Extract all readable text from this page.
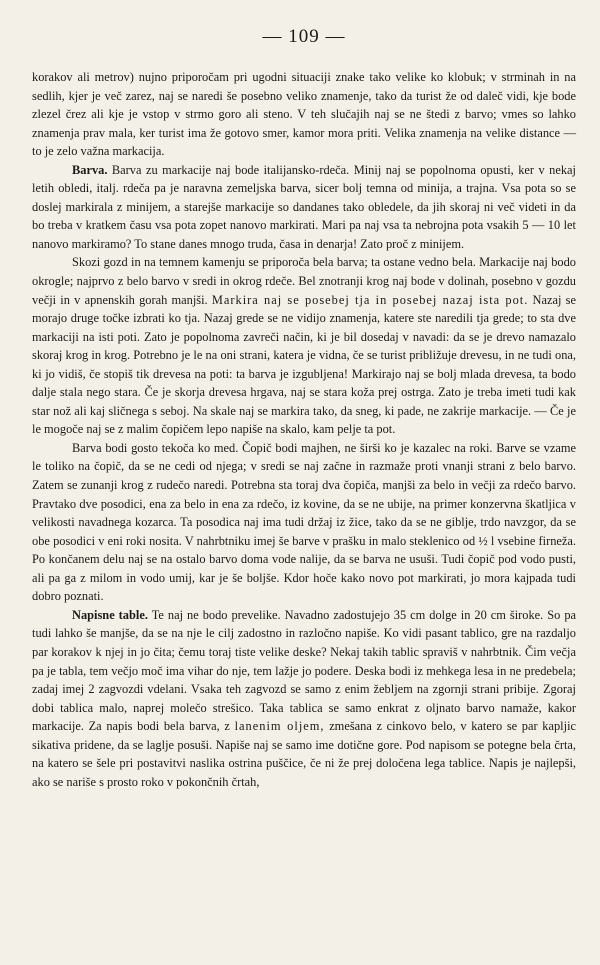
— 109 —

korakov ali metrov) nujno priporočam pri ugodni situaciji znake tako velike ko klobuk; v strminah in na sedlih, kjer je več zarez, naj se naredi še posebno veliko znamenje, tako da turist že od daleč vidi, kje bode zlezel črez ali kje je vstop v strmo goro ali steno. V teh slučajih naj se ne štedi z barvo; vmes so lahko znamenja prav mala, ker turist ima že gotovo smer, kamor mora priti. Velika znamenja na velike distance — to je zelo važna markacija.

Barva. Barva zu markacije naj bode italijansko-rdeča. Minij naj se popolnoma opusti, ker v nekaj letih obledi, italj. rdeča pa je naravna zemeljska barva, sicer bolj temna od minija, a trajna. Vsa pota so se doslej markirala z minijem, a starejše markacije so dandanes tako obledele, da jih skoraj ni več videti in da bo treba v kratkem času vsa pota zopet nanovo markirati. Mari pa naj vsa ta nebrojna pota vsakih 5 — 10 let nanovo markiramo? To stane danes mnogo truda, časa in denarja! Zato proč z minijem.

Skozi gozd in na temnem kamenju se priporoča bela barva; ta ostane vedno bela. Markacije naj bodo okrogle; najprvo z belo barvo v sredi in okrog rdeče. Bel znotranji krog naj bode v dolinah, posebno v gozdu večji in v apnenskih gorah manjši. Markira naj se posebej tja in posebej nazaj ista pot. Nazaj se morajo druge točke izbrati ko tja. Nazaj grede se ne vidijo znamenja, katere ste naredili tja grede; to sta dve markaciji na isti poti. Zato je popolnoma zavreči način, ki je bil dosedaj v navadi: da se je drevo namazalo skoraj krog in krog. Potrebno je le na oni strani, katera je vidna, če se turist približuje drevesu, in ne tudi ona, ki jo vidiš, če stopiš tik drevesa na poti: ta barva je izgubljena! Markirajo naj se bolj mlada drevesa, ta bodo dalje stala nego stara. Če je skorja drevesa hrgava, naj se stara koža prej ostrga. Zato je treba imeti tudi kak star nož ali kaj sličnega s seboj. Na skale naj se markira tako, da sneg, ki pade, ne zakrije markacije. — Če je le mogoče naj se z malim čopičem lepo napiše na skalo, kam pelje ta pot.

Barva bodi gosto tekoča ko med. Čopič bodi majhen, ne širši ko je kazalec na roki. Barve se vzame le toliko na čopič, da se ne cedi od njega; v sredi se naj začne in razmaže proti vnanji strani z belo barvo. Zatem se zunanji krog z rudečo naredi. Potrebna sta toraj dva čopiča, manjši za belo in večji za rdečo barvo. Pravtako dve posodici, ena za belo in ena za rdečo, iz kovine, da se ne ubije, na primer konzervna škatljica v velikosti navadnega kozarca. Ta posodica naj ima tudi držaj iz žice, tako da se ne giblje, trdo navzgor, da se obe posodici v eni roki nosita. V nahrbtniku imej še barve v prašku in malo steklenico od ½ l vsebine firneža. Po končanem delu naj se na ostalo barvo doma vode nalije, da se barva ne usuši. Tudi čopič pod vodo pusti, ali pa ga z milom in vodo umij, kar je še boljše. Kdor hoče kako novo pot markirati, jo mora kajpada tudi dobro poznati.

Napisne table. Te naj ne bodo prevelike. Navadno zadostujejo 35 cm dolge in 20 cm široke. So pa tudi lahko še manjše, da se na nje le cilj zadostno in razločno napiše. Ko vidi pasant tablico, gre na razdaljo par korakov k njej in jo čita; čemu toraj tiste velike deske? Nekaj takih tablic spraviš v nahrbtnik. Čim večja pa je tabla, tem večjo moč ima vihar do nje, tem lažje jo podere. Deska bodi iz mehkega lesa in ne predebela; zadaj imej 2 zagvozdi vdelani. Vsaka teh zagvozd se samo z enim žebljem na zgornji strani pribije. Zgoraj dobi tablica malo, naprej molečo strešico. Taka tablica se samo enkrat z oljnato barvo namaže, kakor markacije. Za napis bodi bela barva, z lanenim oljem, zmešana z cinkovo belo, v katero se par kapljic sikativa pridene, da se laglje posuši. Napiše naj se samo ime dotične gore. Pod napisom se potegne bela črta, na katero se šele pri postavitvi naslika ostrina puščice, če ni že prej določena lega tablice. Napis je najlepši, ako se nariše s prosto roko v pokončnih črtah,
